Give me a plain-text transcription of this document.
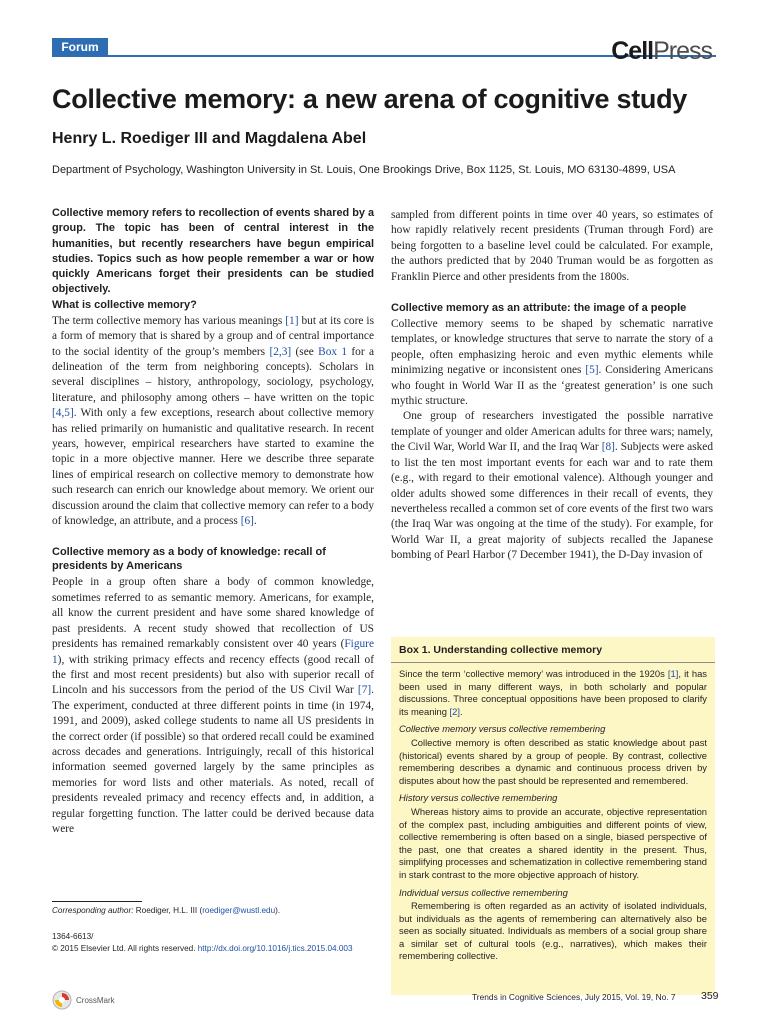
Forum	CellPress
Collective memory: a new arena of cognitive study
Henry L. Roediger III and Magdalena Abel
Department of Psychology, Washington University in St. Louis, One Brookings Drive, Box 1125, St. Louis, MO 63130-4899, USA

Collective memory refers to recollection of events shared by a group. The topic has been of central interest in the humanities, but recently researchers have begun empirical studies. Topics such as how people remember a war or how quickly Americans forget their presidents can be studied objectively.

What is collective memory?

The term collective memory has various meanings [1] but at its core is a form of memory that is shared by a group and of central importance to the social identity of the group’s members [2,3] (see Box 1 for a delineation of the term from neighboring concepts). Scholars in several disciplines – history, anthropology, sociology, psychology, literature, and philosophy among others – have written on the topic [4,5]. With only a few exceptions, research about collective memory has relied primarily on humanistic and qualitative research. In recent years, however, empirical researchers have started to examine the topic in a more objective manner. Here we describe three separate lines of empirical research on collective memory to demonstrate how such research can enrich our knowledge about memory. We orient our discussion around the claim that collective memory can refer to a body of knowledge, an attribute, and a process [6].

Collective memory as a body of knowledge: recall of presidents by Americans

People in a group often share a body of common knowledge, sometimes referred to as semantic memory. Americans, for example, all know the current president and have some shared knowledge of past presidents. A recent study showed that recollection of US presidents has remained remarkably consistent over 40 years (Figure 1), with striking primacy effects and recency effects (good recall of the first and most recent presidents) but also with superior recall of Lincoln and his successors from the period of the US Civil War [7]. The experiment, conducted at three different points in time (in 1974, 1991, and 2009), asked college students to name all US presidents in the correct order (if possible) so that ordered recall could be examined across decades and generations. Intriguingly, recall of this historical information seemed governed largely by the same principles as memories for word lists and other materials. As noted, recall of presidents revealed primacy and recency effects and, in addition, a regular forgetting function. The latter could be derived because data were

sampled from different points in time over 40 years, so estimates of how rapidly relatively recent presidents (Truman through Ford) are being forgotten to a baseline level could be calculated. For example, the authors predicted that by 2040 Truman would be as forgotten as Franklin Pierce and other presidents from the 1800s.

Collective memory as an attribute: the image of a people

Collective memory seems to be shaped by schematic narrative templates, or knowledge structures that serve to narrate the story of a people, often emphasizing heroic and even mythic elements while minimizing negative or inconsistent ones [5]. Considering Americans who fought in World War II as the ‘greatest generation’ is one such mythic structure.

One group of researchers investigated the possible narrative template of younger and older American adults for three wars; namely, the Civil War, World War II, and the Iraq War [8]. Subjects were asked to list the ten most important events for each war and to rate them (e.g., with regard to their emotional valence). Although younger and older adults showed some differences in their recall of events, they nevertheless recalled a common set of core events of the first two wars (the Iraq War was ongoing at the time of the study). For example, for World War II, a great majority of subjects recalled the Japanese bombing of Pearl Harbor (7 December 1941), the D-Day invasion of

Box 1. Understanding collective memory

Since the term ‘collective memory’ was introduced in the 1920s [1], it has been used in many different ways, in both scholarly and popular discussions. Three conceptual oppositions have been proposed to clarify its meaning [2].

Collective memory versus collective remembering

Collective memory is often described as static knowledge about past (historical) events shared by a group of people. By contrast, collective remembering describes a dynamic and continuous process driven by disputes about how the past should be represented and remembered.

History versus collective remembering

Whereas history aims to provide an accurate, objective representation of the complex past, including ambiguities and different points of view, collective remembering is often based on a single, biased perspective of the past, one that creates a shared identity in the present. Thus, simplifying processes and schematization in collective remembering stand in stark contrast to the more objective approach of history.

Individual versus collective remembering

Remembering is often regarded as an activity of isolated individuals, but individuals as the agents of remembering can alternatively also be seen as socially situated. Individuals as members of a social group share a similar set of cultural tools (e.g., narratives), which makes their remembering collective.

Corresponding author: Roediger, H.L. III (roediger@wustl.edu).
1364-6613/
© 2015 Elsevier Ltd. All rights reserved. http://dx.doi.org/10.1016/j.tics.2015.04.003
CrossMark	Trends in Cognitive Sciences, July 2015, Vol. 19, No. 7 359
